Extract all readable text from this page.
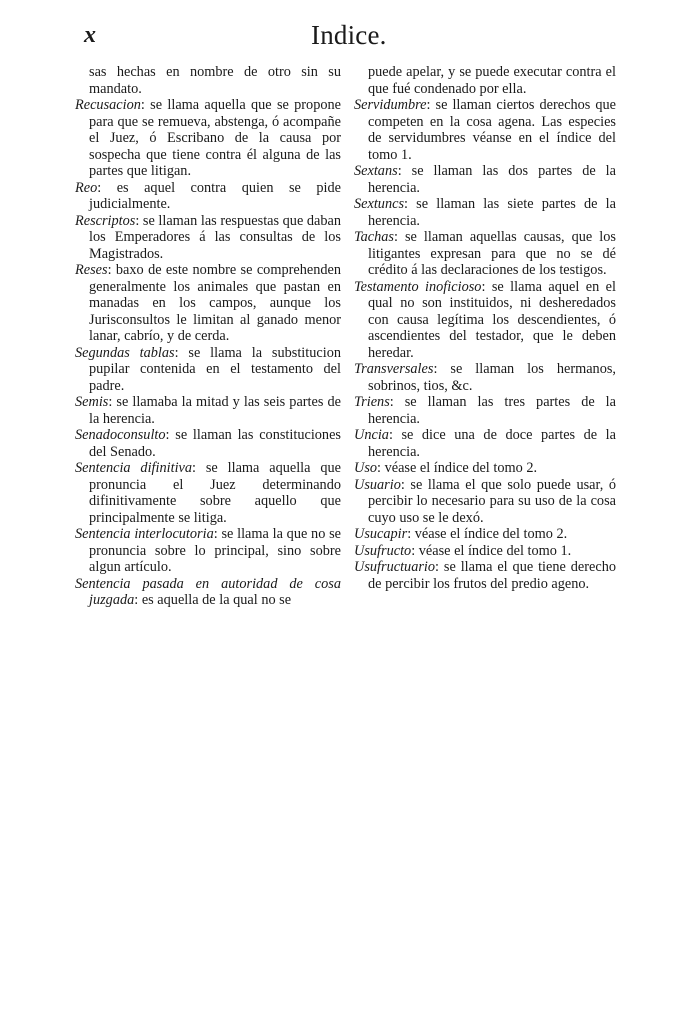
x	Indice.

sas hechas en nombre de otro sin su mandato.

Recusacion: se llama aquella que se propone para que se remueva, abstenga, ó acompañe el Juez, ó Escribano de la causa por sospecha que tiene contra él alguna de las partes que litigan.

Reo: es aquel contra quien se pide judicialmente.

Rescriptos: se llaman las respuestas que daban los Emperadores á las consultas de los Magistrados.

Reses: baxo de este nombre se comprehenden generalmente los animales que pastan en manadas en los campos, aunque los Jurisconsultos le limitan al ganado menor lanar, cabrío, y de cerda.

Segundas tablas: se llama la substitucion pupilar contenida en el testamento del padre.

Semis: se llamaba la mitad y las seis partes de la herencia.

Senadoconsulto: se llaman las constituciones del Senado.

Sentencia difinitiva: se llama aquella que pronuncia el Juez determinando difinitivamente sobre aquello que principalmente se litiga.

Sentencia interlocutoria: se llama la que no se pronuncia sobre lo principal, sino sobre algun artículo.

Sentencia pasada en autoridad de cosa juzgada: es aquella de la qual no se

puede apelar, y se puede executar contra el que fué condenado por ella.

Servidumbre: se llaman ciertos derechos que competen en la cosa agena. Las especies de servidumbres véanse en el índice del tomo 1.

Sextans: se llaman las dos partes de la herencia.

Sextuncs: se llaman las siete partes de la herencia.

Tachas: se llaman aquellas causas, que los litigantes expresan para que no se dé crédito á las declaraciones de los testigos.

Testamento inoficioso: se llama aquel en el qual no son instituidos, ni desheredados con causa legítima los descendientes, ó ascendientes del testador, que le deben heredar.

Transversales: se llaman los hermanos, sobrinos, tios, &c.

Triens: se llaman las tres partes de la herencia.

Uncia: se dice una de doce partes de la herencia.

Uso: véase el índice del tomo 2.

Usuario: se llama el que solo puede usar, ó percibir lo necesario para su uso de la cosa cuyo uso se le dexó.

Usucapir: véase el índice del tomo 2.

Usufructo: véase el índice del tomo 1.

Usufructuario: se llama el que tiene derecho de percibir los frutos del predio ageno.
